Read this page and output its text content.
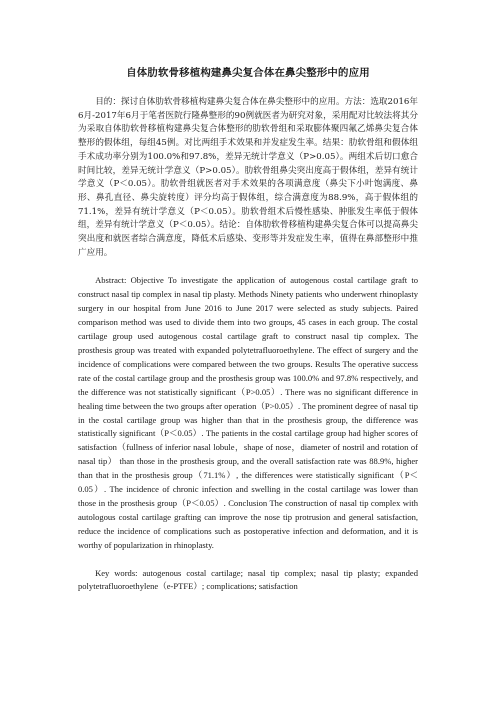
自体肋软骨移植构建鼻尖复合体在鼻尖整形中的应用

目的：探讨自体肋软骨移植构建鼻尖复合体在鼻尖整形中的应用。方法：选取2016年6月-2017年6月于笔者医院行隆鼻整形的90例就医者为研究对象，采用配对比较法将其分为采取自体肋软骨移植构建鼻尖复合体整形的肋软骨组和采取膨体聚四氟乙烯鼻尖复合体整形的假体组，每组45例。对比两组手术效果和并发症发生率。结果：肋软骨组和假体组手术成功率分别为100.0%和97.8%，差异无统计学意义（P>0.05）。两组术后切口愈合时间比较，差异无统计学意义（P>0.05）。肋软骨组鼻尖突出度高于假体组，差异有统计学意义（P＜0.05）。肋软骨组就医者对手术效果的各项满意度（鼻尖下小叶饱满度、鼻形、鼻孔直径、鼻尖旋转度）评分均高于假体组，综合满意度为88.9%，高于假体组的71.1%，差异有统计学意义（P＜0.05）。肋软骨组术后慢性感染、肿胀发生率低于假体组，差异有统计学意义（P＜0.05）。结论：自体肋软骨移植构建鼻尖复合体可以提高鼻尖突出度和就医者综合满意度，降低术后感染、变形等并发症发生率，值得在鼻部整形中推广应用。

Abstract: Objective To investigate the application of autogenous costal cartilage graft to construct nasal tip complex in nasal tip plasty. Methods Ninety patients who underwent rhinoplasty surgery in our hospital from June 2016 to June 2017 were selected as study subjects. Paired comparison method was used to divide them into two groups, 45 cases in each group. The costal cartilage group used autogenous costal cartilage graft to construct nasal tip complex. The prosthesis group was treated with expanded polytetrafluoroethylene. The effect of surgery and the incidence of complications were compared between the two groups. Results The operative success rate of the costal cartilage group and the prosthesis group was 100.0% and 97.8% respectively, and the difference was not statistically significant（P>0.05）. There was no significant difference in healing time between the two groups after operation（P>0.05）. The prominent degree of nasal tip in the costal cartilage group was higher than that in the prosthesis group, the difference was statistically significant（P＜0.05）. The patients in the costal cartilage group had higher scores of satisfaction（fullness of inferior nasal lobule，shape of nose，diameter of nostril and rotation of nasal tip） than those in the prosthesis group, and the overall satisfaction rate was 88.9%, higher than that in the prosthesis group（71.1%）, the differences were statistically significant（P＜0.05）. The incidence of chronic infection and swelling in the costal cartilage was lower than those in the prosthesis group（P＜0.05）. Conclusion The construction of nasal tip complex with autologous costal cartilage grafting can improve the nose tip protrusion and general satisfaction, reduce the incidence of complications such as postoperative infection and deformation, and it is worthy of popularization in rhinoplasty.

Key words: autogenous costal cartilage; nasal tip complex; nasal tip plasty; expanded polytetrafluoroethylene（e-PTFE）; complications; satisfaction
